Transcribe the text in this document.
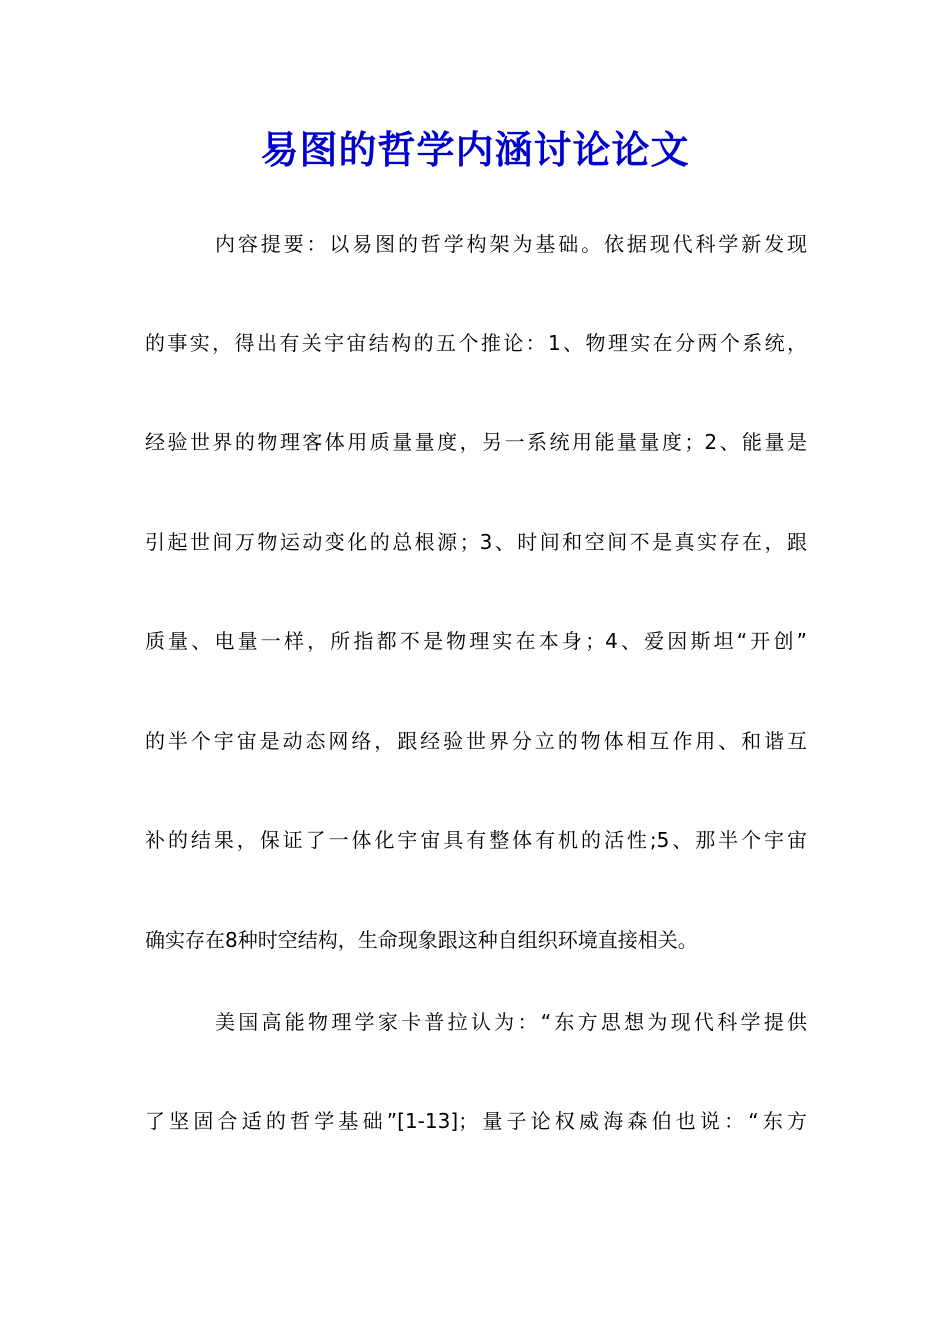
易图的哲学内涵讨论论文
内容提要：以易图的哲学构架为基础。依据现代科学新发现
的事实，得出有关宇宙结构的五个推论：1、物理实在分两个系统，
经验世界的物理客体用质量量度，另一系统用能量量度；2、能量是
引起世间万物运动变化的总根源；3、时间和空间不是真实存在，跟
质量、电量一样，所指都不是物理实在本身；4、爱因斯坦“开创”
的半个宇宙是动态网络，跟经验世界分立的物体相互作用、和谐互
补的结果，保证了一体化宇宙具有整体有机的活性;5、那半个宇宙
确实存在8种时空结构，生命现象跟这种自组织环境直接相关。
美国高能物理学家卡普拉认为：“东方思想为现代科学提供
了坚固合适的哲学基础”[1-13]；量子论权威海森伯也说：“东方
